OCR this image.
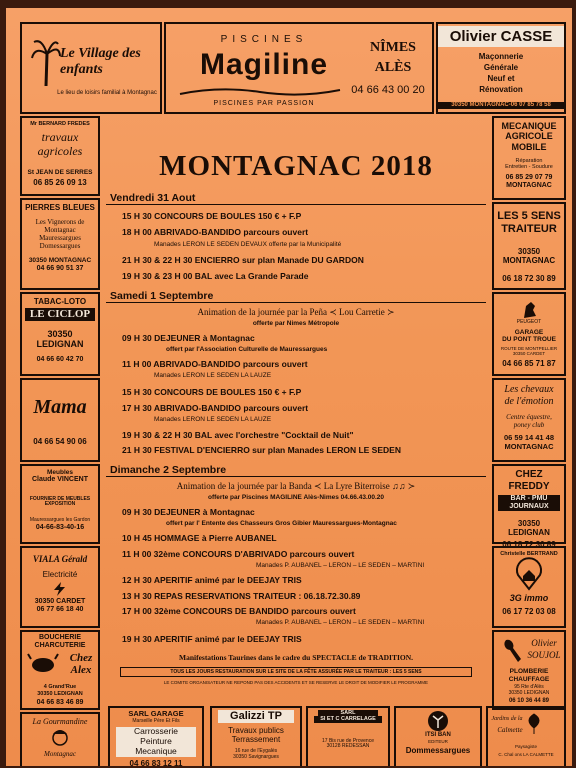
Le Village des enfants
Le lieu de loisirs familial à Montagnac
PISCINES
Magiline
PISCINES PAR PASSION
NÎMES
ALÈS
04 66 43 00 20
Olivier CASSE
Maçonnerie
Générale
Neuf et
Rénovation
30350 MONTAGNAC-06 07 85 78 58
Mr BERNARD FREDES
travaux
agricoles
St JEAN DE SERRES
06 85 26 09 13
PIERRES BLEUES
Les Vignerons de
Montagnac
Mauressargues
Domessargues
30350 MONTAGNAC
04 66 90 51 37
TABAC-LOTO
LE CICLOP
30350
LEDIGNAN
04 66 60 42 70
Mama
04 66 54 90 06
Meubles
Claude VINCENT
FOURNIER DE MEUBLES
EXPOSITION
Mauressargues les Gardon
04-66-83-40-16
VIALA Gérald
Electricité
30350 CARDET
06 77 66 18 40
BOUCHERIE
CHARCUTERIE
Chez
Alex
4 Grand'Rue
30350 LEDIGNAN
04 66 83 46 89
La Gourmandine
Montagnac
MECANIQUE
AGRICOLE
MOBILE
Réparation
Entretien - Soudure
06 85 29 07 79
MONTAGNAC
LES 5 SENS
TRAITEUR
30350
MONTAGNAC
06 18 72 30 89
PEUGEOT
GARAGE
DU PONT TROUE
ROUTE DE MONTPELLIER
30350 CARDET
04 66 85 71 87
Les chevaux
de l'émotion
Centre équestre,
poney club
06 59 14 41 48
MONTAGNAC
CHEZ FREDDY
BAR - PMU
JOURNAUX
30350
LEDIGNAN
06 18 72 30 89
Christelle BERTRAND
3G immo
06 17 72 03 08
Olivier
SOUJOL
PLOMBERIE
CHAUFFAGE
95 Rte d'Alès
30350 LEDIGNAN
06 10 36 44 89
SARL GARAGE
Marseille Père Et Fils
Carrosserie
Peinture
Mecanique
04 66 83 12 11
Galizzi TP
Travaux publics
Terrassement
16 rue de l'Eygalès
30350 Savignargues
SARL
SI ET C CARRELAGE
17 Bis rue de Provence
30128 REDESSAN
ITSI BAN
EDITEUR
Dommessargues
Jardins de la
Calmette
Paysagiste
C. Chal ons LA CALMETTE
MONTAGNAC 2018
Vendredi 31 Aout
15 H 30 CONCOURS DE BOULES 150 € + F.P
18 H 00 ABRIVADO-BANDIDO parcours ouvert
Manades LERON LE SEDEN DEVAUX offerte par la Municipalité
21 H 30 & 22 H 30 ENCIERRO sur plan Manade DU GARDON
19 H 30 & 23 H 00 BAL avec La Grande Parade
Samedi 1 Septembre
Animation de la journée par la Peña ≺ Lou Carretie ≻
offerte par Nimes Métropole
09 H 30 DEJEUNER à Montagnac
offert par l'Association Culturelle de Mauressargues
11 H 00 ABRIVADO-BANDIDO parcours ouvert
Manades LERON LE SEDEN LA LAUZE
15 H 30 CONCOURS DE BOULES 150 € + F.P
17 H 30 ABRIVADO-BANDIDO parcours ouvert
Manades LERON LE SEDEN LA LAUZE
19 H 30 & 22 H 30 BAL avec l'orchestre "Cocktail de Nuit"
21 H 30 FESTIVAL D'ENCIERRO sur plan Manades LERON LE SEDEN
Dimanche 2 Septembre
Animation de la journée par la Banda ≺ La Lyre Biterroise ♫♫ ≻
offerte par Piscines MAGILINE Alès-Nimes 04.66.43.00.20
09 H 30 DEJEUNER à Montagnac
offert par l' Entente des Chasseurs Gros Gibier Mauressargues-Montagnac
10 H 45 HOMMAGE à Pierre AUBANEL
11 H 00 32ème CONCOURS D'ABRIVADO parcours ouvert
Manades P. AUBANEL – LERON – LE SEDEN – MARTINI
12 H 30 APERITIF animé par le DEEJAY TRIS
13 H 30 REPAS RESERVATIONS TRAITEUR : 06.18.72.30.89
17 H 00 32ème CONCOURS DE BANDIDO parcours ouvert
Manades P. AUBANEL – LERON – LE SEDEN – MARTINI
19 H 30 APERITIF animé par le DEEJAY TRIS
Manifestations Taurines dans le cadre du SPECTACLE de TRADITION.
TOUS LES JOURS RESTAURATION SUR LE SITE DE LA FÊTE ASSURÉE PAR LE TRAITEUR : LES 5 SENS
LE COMITE ORGANISATEUR NE REPOND PAS DES ACCIDENTS ET SE RESERVE LE DROIT DE MODIFIER LE PROGRAMME
